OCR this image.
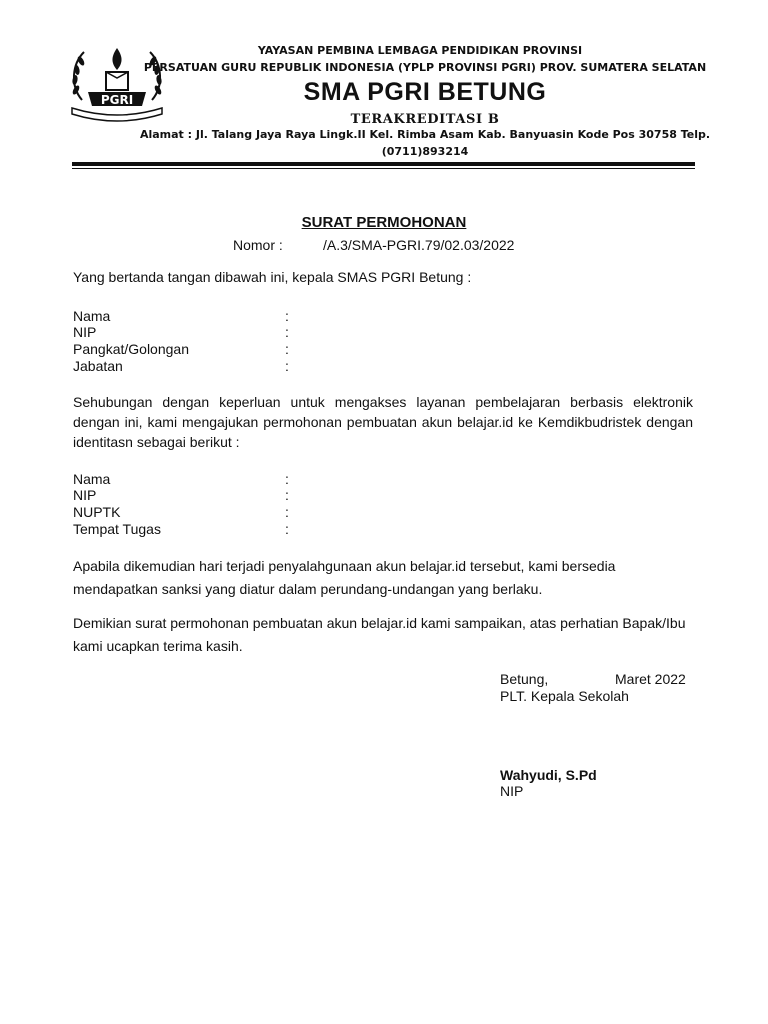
PGRI
YAYASAN PEMBINA LEMBAGA PENDIDIKAN PROVINSI
PERSATUAN GURU REPUBLIK INDONESIA (YPLP PROVINSI PGRI) PROV. SUMATERA SELATAN
SMA PGRI BETUNG
TERAKREDITASI B
Alamat : Jl. Talang Jaya Raya Lingk.II Kel. Rimba Asam Kab. Banyuasin Kode Pos 30758 Telp.
(0711)893214
SURAT PERMOHONAN
Nomor :	/A.3/SMA-PGRI.79/02.03/2022
Yang bertanda tangan dibawah ini, kepala SMAS PGRI Betung :
Nama	:
NIP	:
Pangkat/Golongan	:
Jabatan	:
Sehubungan dengan keperluan untuk mengakses layanan pembelajaran berbasis elektronik dengan ini, kami mengajukan permohonan pembuatan akun belajar.id ke Kemdikbudristek dengan identitasn sebagai berikut :
Nama	:
NIP	:
NUPTK	:
Tempat Tugas	:
Apabila dikemudian hari terjadi penyalahgunaan akun belajar.id tersebut, kami bersedia mendapatkan sanksi yang diatur dalam perundang-undangan yang berlaku.
Demikian surat permohonan pembuatan akun belajar.id kami sampaikan, atas perhatian Bapak/Ibu kami ucapkan terima kasih.
Betung,	Maret 2022
PLT. Kepala Sekolah
Wahyudi, S.Pd
NIP
